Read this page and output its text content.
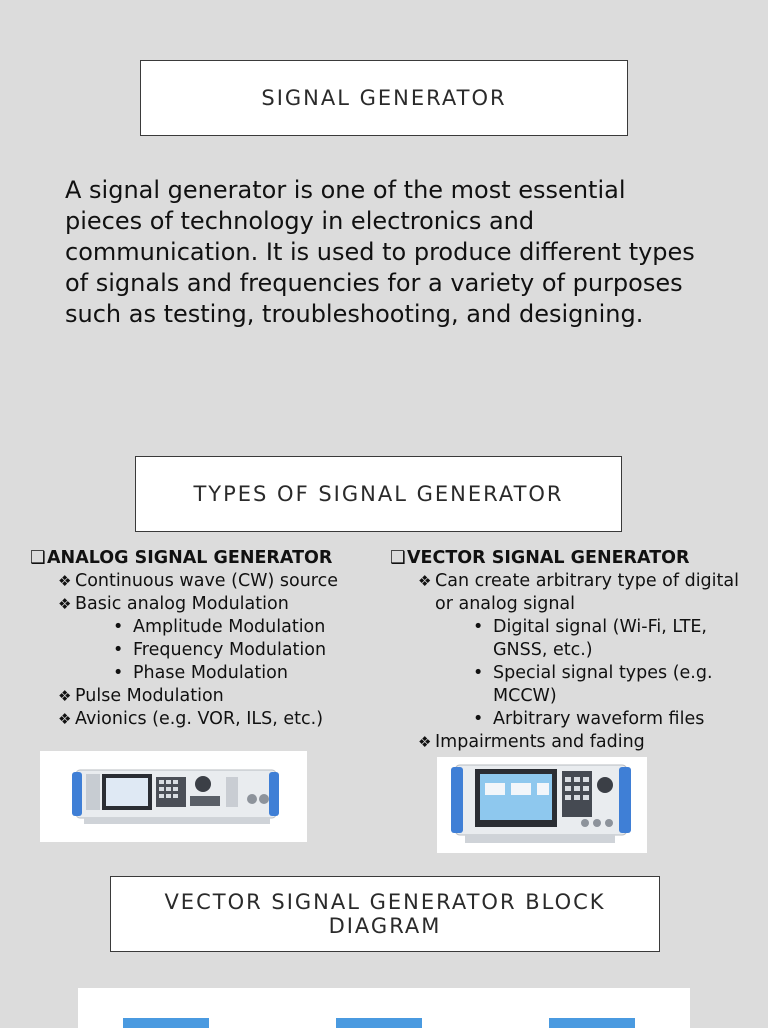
SIGNAL GENERATOR

A signal generator is one of the most essential pieces of technology in electronics and communication. It is used to produce different types of signals and frequencies for a variety of purposes such as testing, troubleshooting, and designing.

TYPES OF SIGNAL GENERATOR
❑ ANALOG SIGNAL GENERATOR
❖ Continuous wave (CW) source
❖ Basic analog Modulation
• Amplitude Modulation
• Frequency Modulation
• Phase Modulation
❖ Pulse Modulation
❖ Avionics (e.g. VOR, ILS, etc.)
❑ VECTOR SIGNAL GENERATOR
❖ Can create arbitrary type of digital or analog signal
• Digital signal (Wi-Fi, LTE, GNSS, etc.)
• Special signal types (e.g. MCCW)
• Arbitrary waveform files
❖ Impairments and fading
VECTOR SIGNAL GENERATOR BLOCK DIAGRAM
